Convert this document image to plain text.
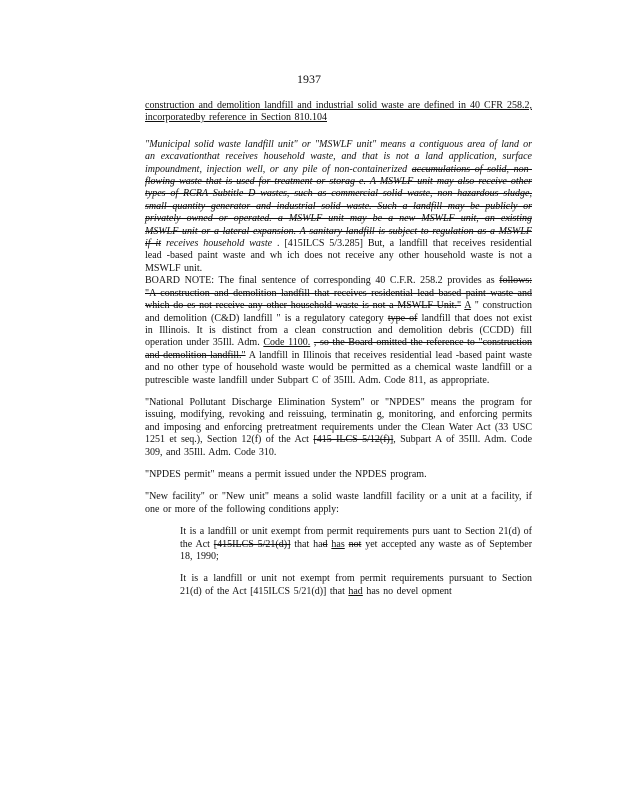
1937

construction and demolition landfill and industrial solid waste are defined in 40 CFR 258.2, incorporatedby reference in Section 810.104

"Municipal solid waste landfill unit" or "MSWLF unit" means a contiguous area of land or an excavationthat receives household waste, and that is not a land application, surface impoundment, injection well, or any pile of non-containerized accumulations of solid, non-flowing waste that is used for treatment or storag e. A MSWLF unit may also receive other types of RCRA Subtitle D wastes, such as commercial solid waste, non hazardous sludge, small quantity generator and industrial solid waste. Such a landfill may be publicly or privately owned or operated. a MSWLF unit may be a new MSWLF unit, an existing MSWLF unit or a lateral expansion. A sanitary landfill is subject to regulation as a MSWLF if it receives household waste . [415ILCS 5/3.285] But, a landfill that receives residential lead -based paint waste and wh ich does not receive any other household waste is not a MSWLF unit.

BOARD NOTE: The final sentence of corresponding 40 C.F.R. 258.2 provides as follows: "A construction and demolition landfill that receives residential lead based paint waste and which do es not receive any other household waste is not a MSWLF Unit." A " construction and demolition (C&D) landfill " is a regulatory category type of landfill that does not exist in Illinois. It is distinct from a clean construction and demolition debris (CCDD) fill operation under 35Ill. Adm. Code 1100. , so the Board omitted the reference to "construction and demolition landfill." A landfill in Illinois that receives residential lead -based paint waste and no other type of household waste would be permitted as a chemical waste landfill or a putrescible waste landfill under Subpart C of 35Ill. Adm. Code 811, as appropriate.

"National Pollutant Discharge Elimination System" or "NPDES" means the program for issuing, modifying, revoking and reissuing, terminatin g, monitoring, and enforcing permits and imposing and enforcing pretreatment requirements under the Clean Water Act (33 USC 1251 et seq.), Section 12(f) of the Act [415 ILCS 5/12(f)], Subpart A of 35Ill. Adm. Code 309, and 35Ill. Adm. Code 310.

"NPDES permit" means a permit issued under the NPDES program.

"New facility" or "New unit" means a solid waste landfill facility or a unit at a facility, if one or more of the following conditions apply:

It is a landfill or unit exempt from permit requirements purs uant to Section 21(d) of the Act [415ILCS 5/21(d)] that had has not yet accepted any waste as of September 18, 1990;

It is a landfill or unit not exempt from permit requirements pursuant to Section 21(d) of the Act [415ILCS 5/21(d)] that had has no devel opment
